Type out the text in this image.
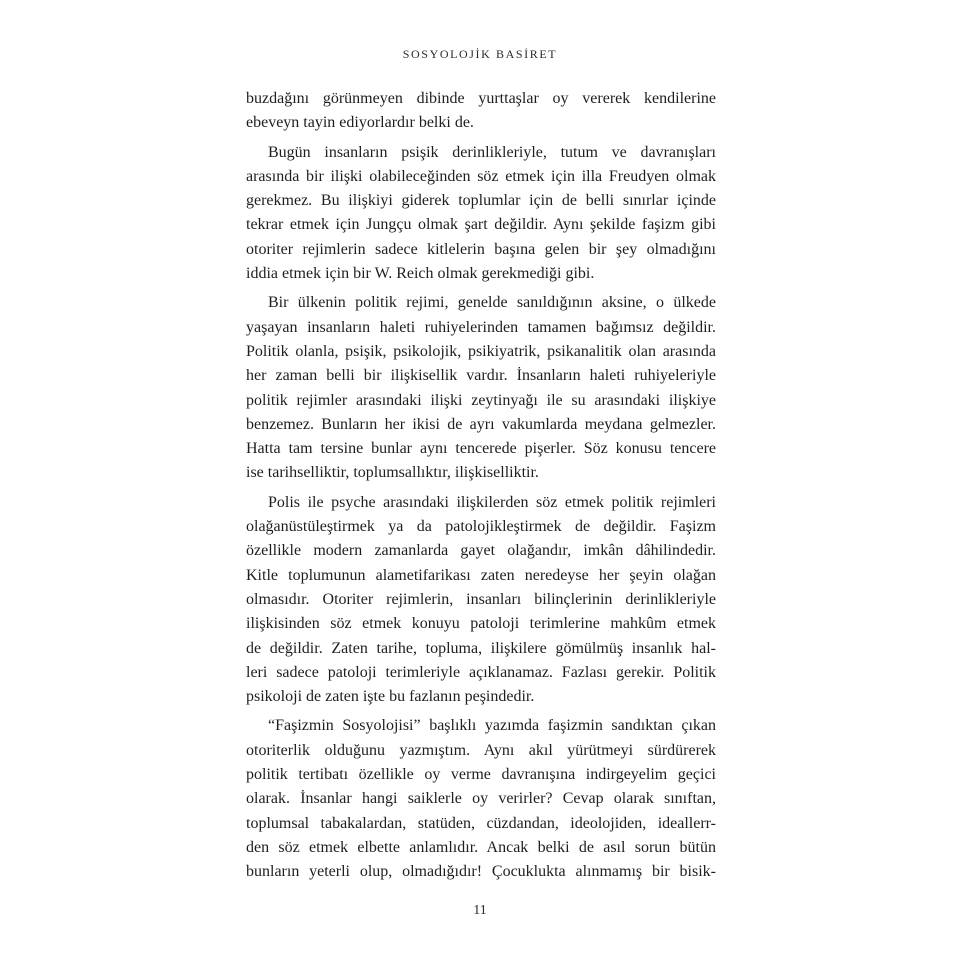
SOSYOLOJİK BASİRET
buzdağını görünmeyen dibinde yurttaşlar oy vererek kendilerine
ebeveyn tayin ediyorlardır belki de.
Bugün insanların psişik derinlikleriyle, tutum ve davranışları
arasında bir ilişki olabileceğinden söz etmek için illa Freudyen olmak
gerekmez. Bu ilişkiyi giderek toplumlar için de belli sınırlar içinde
tekrar etmek için Jungçu olmak şart değildir. Aynı şekilde faşizm gibi
otoriter rejimlerin sadece kitlelerin başına gelen bir şey olmadığını
iddia etmek için bir W. Reich olmak gerekmediği gibi.
Bir ülkenin politik rejimi, genelde sanıldığının aksine, o ülkede
yaşayan insanların haleti ruhiyelerinden tamamen bağımsız değildir.
Politik olanla, psişik, psikolojik, psikiyatrik, psikanalitik olan arasında
her zaman belli bir ilişkisellik vardır. İnsanların haleti ruhiyeleriyle
politik rejimler arasındaki ilişki zeytinyağı ile su arasındaki ilişkiye
benzemez. Bunların her ikisi de ayrı vakumlarda meydana gelmezler.
Hatta tam tersine bunlar aynı tencerede pişerler. Söz konusu tencere
ise tarihselliktir, toplumsallıktır, ilişkiselliktir.
Polis ile psyche arasındaki ilişkilerden söz etmek politik rejimleri
olağanüstüleştirmek ya da patolojikleştirmek de değildir. Faşizm
özellikle modern zamanlarda gayet olağandır, imkân dâhilindedir.
Kitle toplumunun alametifarikası zaten neredeyse her şeyin olağan
olmasıdır. Otoriter rejimlerin, insanları bilinçlerinin derinlikleriyle
ilişkisinden söz etmek konuyu patoloji terimlerine mahkûm etmek
de değildir. Zaten tarihe, topluma, ilişkilere gömülmüş insanlık hal-
leri sadece patoloji terimleriyle açıklanamaz. Fazlası gerekir. Politik
psikoloji de zaten işte bu fazlanın peşindedir.
“Faşizmin Sosyolojisi” başlıklı yazımda faşizmin sandıktan çıkan
otoriterlik olduğunu yazmıştım. Aynı akıl yürütmeyi sürdürerek
politik tertibatı özellikle oy verme davranışına indirgeyelim geçici
olarak. İnsanlar hangi saiklerle oy verirler? Cevap olarak sınıftan,
toplumsal tabakalardan, statüden, cüzdandan, ideolojiden, ideallerr-
den söz etmek elbette anlamlıdır. Ancak belki de asıl sorun bütün
bunların yeterli olup, olmadığıdır! Çocuklukta alınmamış bir bisik-
11
